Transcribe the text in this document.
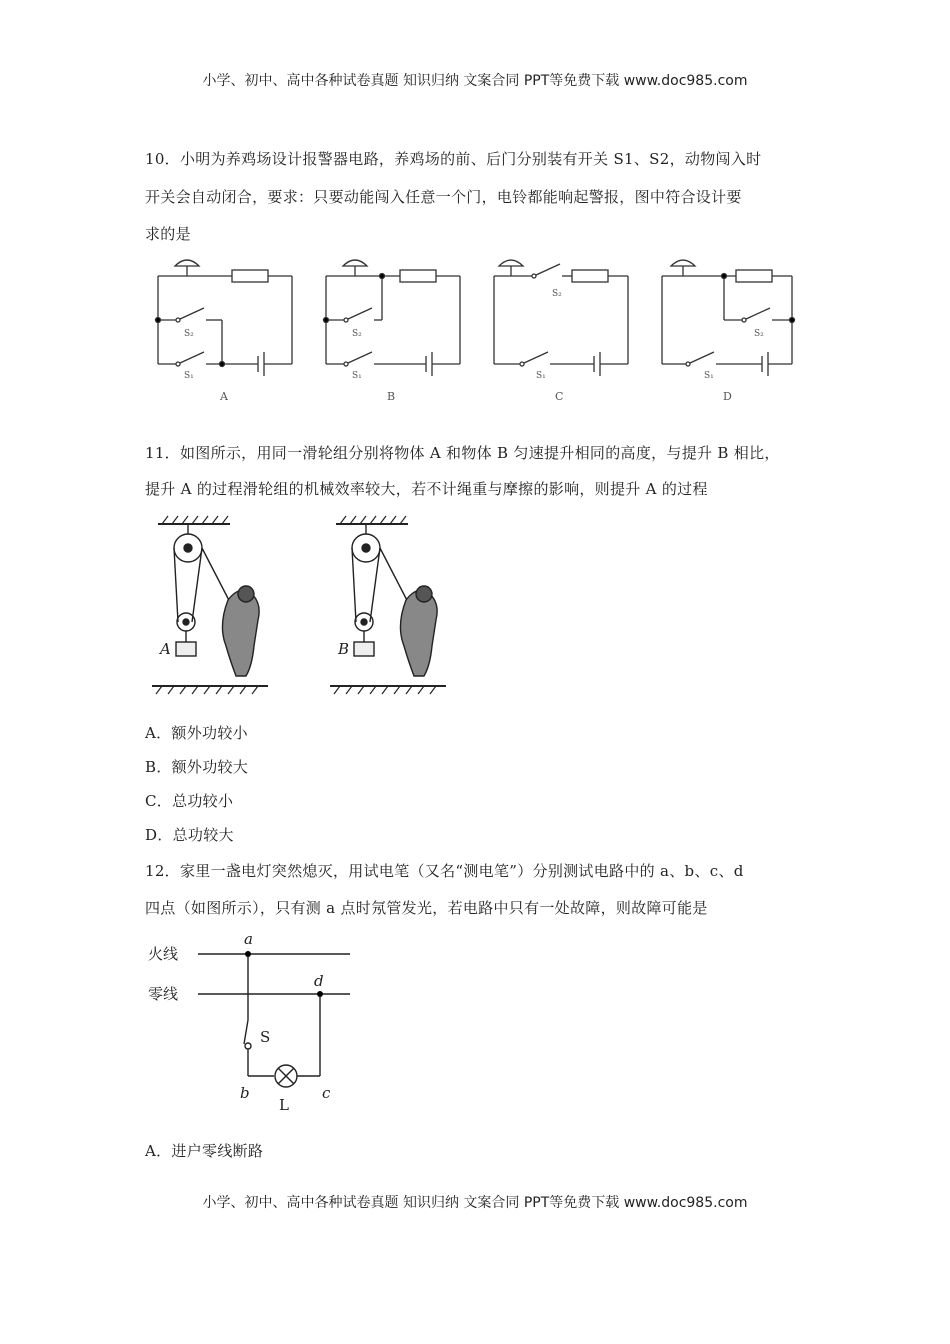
小学、初中、高中各种试卷真题 知识归纳 文案合同 PPT等免费下载 www.doc985.com
10．小明为养鸡场设计报警器电路，养鸡场的前、后门分别装有开关 S1、S2，动物闯入时
开关会自动闭合，要求：只要动能闯入任意一个门，电铃都能响起警报，图中符合设计要
求的是
S₂
S₁
S₂
S₁
S₂
S₁
S₂
S₁
A	B	C	D
11．如图所示，用同一滑轮组分别将物体 A 和物体 B 匀速提升相同的高度，与提升 B 相比，
提升 A 的过程滑轮组的机械效率较大，若不计绳重与摩擦的影响，则提升 A 的过程
A	B
A．额外功较小
B．额外功较大
C．总功较小
D．总功较大
12．家里一盏电灯突然熄灭，用试电笔（又名“测电笔”）分别测试电路中的 a、b、c、d
四点（如图所示），只有测 a 点时氖管发光，若电路中只有一处故障，则故障可能是
火线
零线
a
d
S
b	c
L
A．进户零线断路
小学、初中、高中各种试卷真题 知识归纳 文案合同 PPT等免费下载 www.doc985.com
